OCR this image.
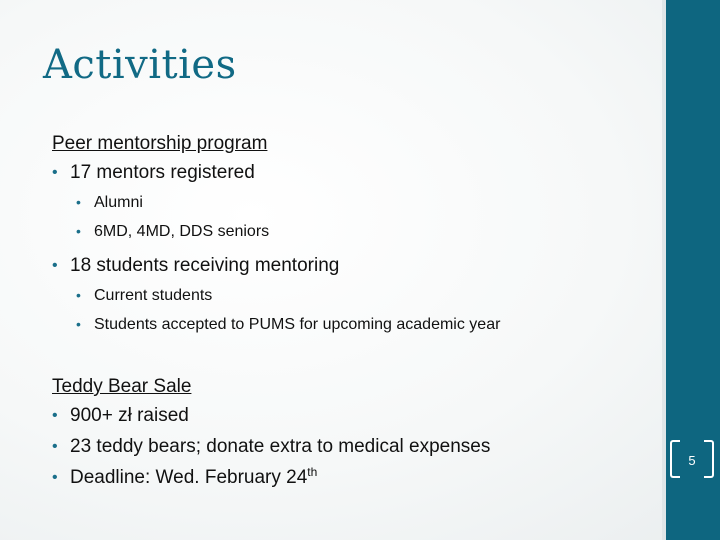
Activities
Peer mentorship program
• 17 mentors registered
• Alumni
• 6MD, 4MD, DDS seniors
• 18 students receiving mentoring
• Current students
• Students accepted to PUMS for upcoming academic year
Teddy Bear Sale
• 900+ zł raised
• 23 teddy bears; donate extra to medical expenses
• Deadline: Wed. February 24th
5
